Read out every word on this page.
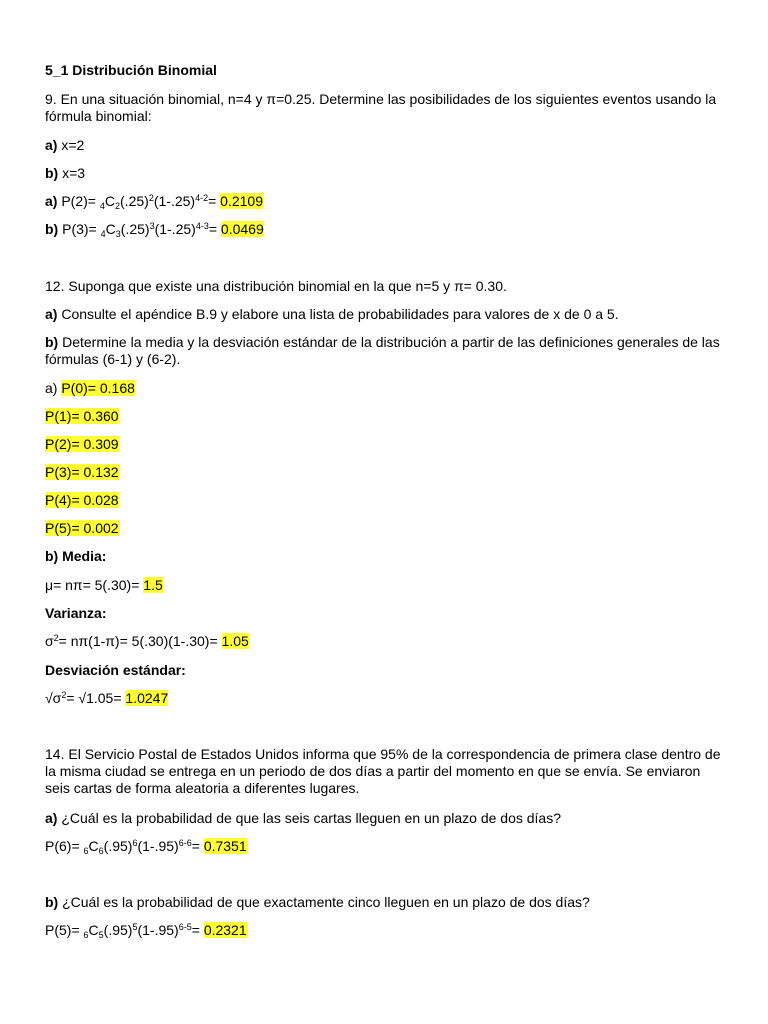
5_1 Distribución Binomial
9. En una situación binomial, n=4 y π=0.25. Determine las posibilidades de los siguientes eventos usando la fórmula binomial:
a) x=2
b) x=3
a) $P(2)= _4C_2(.25)^2(1-.25)^{4-2}= 0.2109$
b) $P(3)= _4C_3(.25)^3(1-.25)^{4-3}= 0.0469$
12. Suponga que existe una distribución binomial en la que n=5 y π= 0.30.
a) Consulte el apéndice B.9 y elabore una lista de probabilidades para valores de x de 0 a 5.
b) Determine la media y la desviación estándar de la distribución a partir de las definiciones generales de las fórmulas (6-1) y (6-2).
a) P(0)= 0.168
P(1)= 0.360
P(2)= 0.309
P(3)= 0.132
P(4)= 0.028
P(5)= 0.002
b) Media:
μ= nπ= 5(.30)= 1.5
Varianza:
$\sigma^2= n\pi(1-\pi)= 5(.30)(1-.30)= 1.05$
Desviación estándar:
$√\sigma^2= √1.05= 1.0247$
14. El Servicio Postal de Estados Unidos informa que 95% de la correspondencia de primera clase dentro de la misma ciudad se entrega en un periodo de dos días a partir del momento en que se envía. Se enviaron seis cartas de forma aleatoria a diferentes lugares.
a) ¿Cuál es la probabilidad de que las seis cartas lleguen en un plazo de dos días?
$P(6)= _6C_6(.95)^6(1-.95)^{6-6}= 0.7351$
b) ¿Cuál es la probabilidad de que exactamente cinco lleguen en un plazo de dos días?
$P(5)= _6C_5(.95)^5(1-.95)^{6-5}= 0.2321$
